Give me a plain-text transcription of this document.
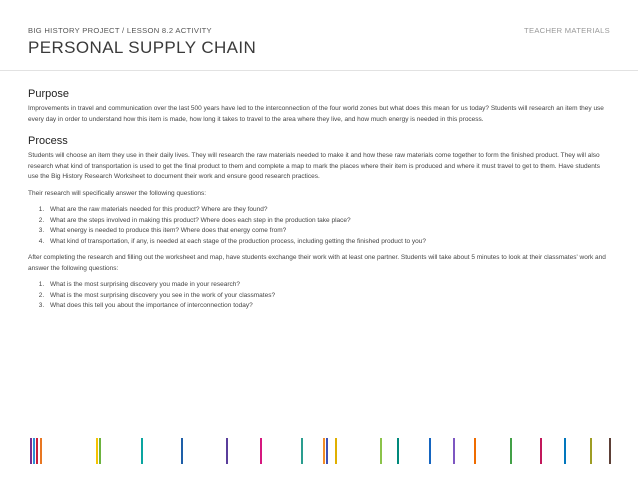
BIG HISTORY PROJECT / LESSON 8.2 ACTIVITY	TEACHER MATERIALS
PERSONAL SUPPLY CHAIN
Purpose

Improvements in travel and communication over the last 500 years have led to the interconnection of the four world zones but what does this mean for us today? Students will research an item they use every day in order to understand how this item is made, how long it takes to travel to the area where they live, and how much energy is needed in this process.

Process

Students will choose an item they use in their daily lives. They will research the raw materials needed to make it and how these raw materials come together to form the finished product. They will also research what kind of transportation is used to get the final product to them and complete a map to mark the places where their item is produced and where it must travel to get to them. Have students use the Big History Research Worksheet to document their work and ensure good research practices.

Their research will specifically answer the following questions:

1. What are the raw materials needed for this product? Where are they found?
2. What are the steps involved in making this product? Where does each step in the production take place?
3. What energy is needed to produce this item? Where does that energy come from?
4. What kind of transportation, if any, is needed at each stage of the production process, including getting the finished product to you?

After completing the research and filling out the worksheet and map, have students exchange their work with at least one partner. Students will take about 5 minutes to look at their classmates' work and answer the following questions:

1. What is the most surprising discovery you made in your research?
2. What is the most surprising discovery you see in the work of your classmates?
3. What does this tell you about the importance of interconnection today?
